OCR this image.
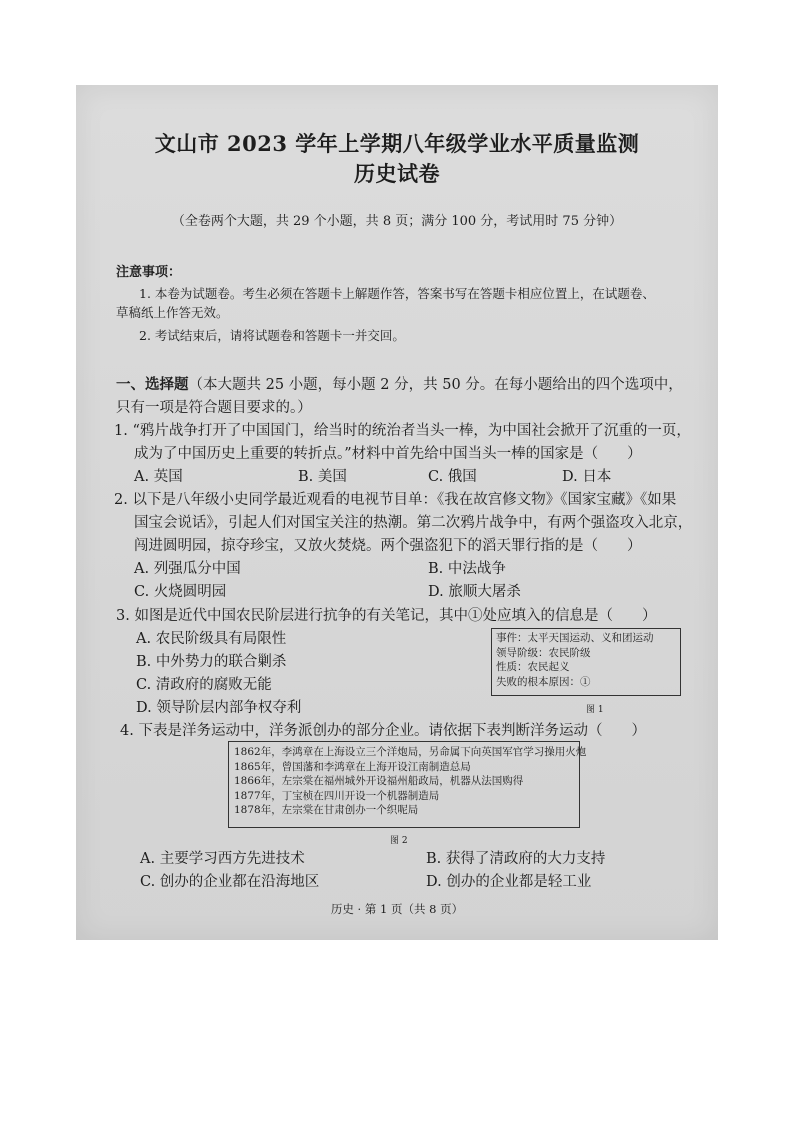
文山市 2023 学年上学期八年级学业水平质量监测
历史试卷
（全卷两个大题，共 29 个小题，共 8 页；满分 100 分，考试用时 75 分钟）
注意事项：
1. 本卷为试题卷。考生必须在答题卡上解题作答，答案书写在答题卡相应位置上，在试题卷、
草稿纸上作答无效。
2. 考试结束后，请将试题卷和答题卡一并交回。
一、选择题（本大题共 25 小题，每小题 2 分，共 50 分。在每小题给出的四个选项中，
只有一项是符合题目要求的。）
1. “鸦片战争打开了中国国门，给当时的统治者当头一棒，为中国社会掀开了沉重的一页，
成为了中国历史上重要的转折点。”材料中首先给中国当头一棒的国家是（　　）
A. 英国	B. 美国	C. 俄国	D. 日本
2. 以下是八年级小史同学最近观看的电视节目单：《我在故宫修文物》《国家宝藏》《如果
国宝会说话》，引起人们对国宝关注的热潮。第二次鸦片战争中，有两个强盗攻入北京，
闯进圆明园，掠夺珍宝，又放火焚烧。两个强盗犯下的滔天罪行指的是（　　）
A. 列强瓜分中国	B. 中法战争
C. 火烧圆明园	D. 旅顺大屠杀
3. 如图是近代中国农民阶层进行抗争的有关笔记，其中①处应填入的信息是（　　）
A. 农民阶级具有局限性
B. 中外势力的联合剿杀
C. 清政府的腐败无能
D. 领导阶层内部争权夺利
事件：太平天国运动、义和团运动
领导阶级：农民阶级
性质：农民起义
失败的根本原因：①
图 1
4. 下表是洋务运动中，洋务派创办的部分企业。请依据下表判断洋务运动（　　）
1862年，李鸿章在上海设立三个洋炮局，另命属下向英国军官学习操用火炮
1865年，曾国藩和李鸿章在上海开设江南制造总局
1866年，左宗棠在福州城外开设福州船政局，机器从法国购得
1877年，丁宝桢在四川开设一个机器制造局
1878年，左宗棠在甘肃创办一个织呢局
图 2
A. 主要学习西方先进技术	B. 获得了清政府的大力支持
C. 创办的企业都在沿海地区	D. 创办的企业都是轻工业
历史 · 第 1 页（共 8 页）
